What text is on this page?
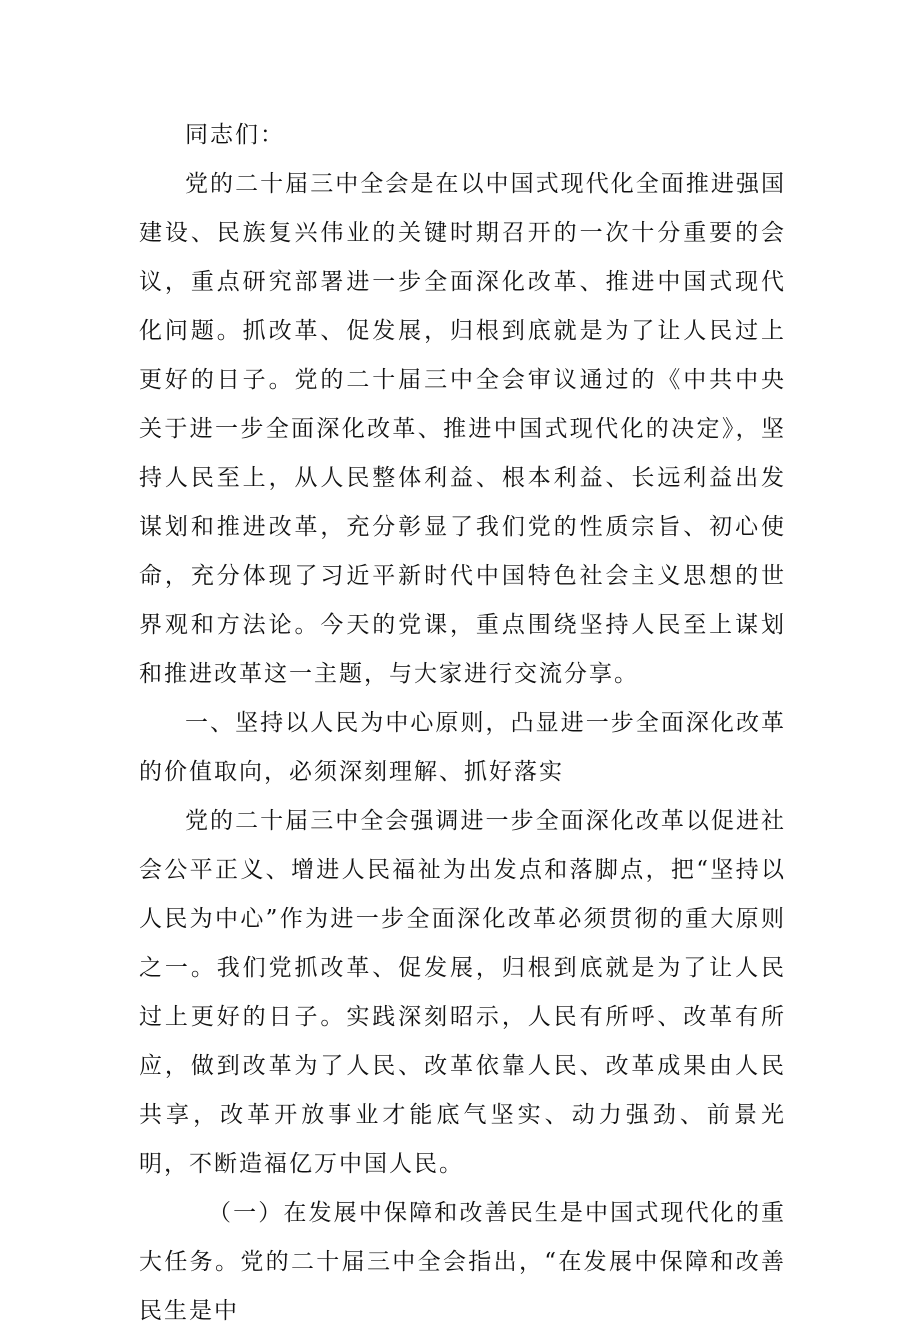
同志们：

党的二十届三中全会是在以中国式现代化全面推进强国建设、民族复兴伟业的关键时期召开的一次十分重要的会议，重点研究部署进一步全面深化改革、推进中国式现代化问题。抓改革、促发展，归根到底就是为了让人民过上更好的日子。党的二十届三中全会审议通过的《中共中央关于进一步全面深化改革、推进中国式现代化的决定》，坚持人民至上，从人民整体利益、根本利益、长远利益出发谋划和推进改革，充分彰显了我们党的性质宗旨、初心使命，充分体现了习近平新时代中国特色社会主义思想的世界观和方法论。今天的党课，重点围绕坚持人民至上谋划和推进改革这一主题，与大家进行交流分享。

一、坚持以人民为中心原则，凸显进一步全面深化改革的价值取向，必须深刻理解、抓好落实

党的二十届三中全会强调进一步全面深化改革以促进社会公平正义、增进人民福祉为出发点和落脚点，把“坚持以人民为中心”作为进一步全面深化改革必须贯彻的重大原则之一。我们党抓改革、促发展，归根到底就是为了让人民过上更好的日子。实践深刻昭示，人民有所呼、改革有所应，做到改革为了人民、改革依靠人民、改革成果由人民共享，改革开放事业才能底气坚实、动力强劲、前景光明，不断造福亿万中国人民。

（一）在发展中保障和改善民生是中国式现代化的重大任务。党的二十届三中全会指出，“在发展中保障和改善民生是中
